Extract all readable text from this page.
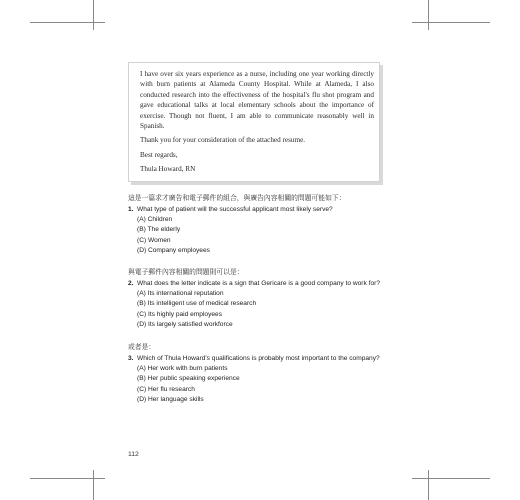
I have over six years experience as a nurse, including one year working directly with burn patients at Alameda County Hospital. While at Alameda, I also conducted research into the effectiveness of the hospital's flu shot program and gave educational talks at local elementary schools about the importance of exercise. Though not fluent, I am able to communicate reasonably well in Spanish.

Thank you for your consideration of the attached resume.

Best regards,

Thula Howard, RN

這是一篇求才廣告和電子郵件的組合，與廣告內容相關的問題可能如下：
1. What type of patient will the successful applicant most likely serve?
(A) Children
(B) The elderly
(C) Women
(D) Company employees
與電子郵件內容相關的問題則可以是：
2. What does the letter indicate is a sign that Gericare is a good company to work for?
(A) Its international reputation
(B) Its intelligent use of medical research
(C) Its highly paid employees
(D) Its largely satisfied workforce
或者是：
3. Which of Thula Howard's qualifications is probably most important to the company?
(A) Her work with burn patients
(B) Her public speaking experience
(C) Her flu research
(D) Her language skills
112
